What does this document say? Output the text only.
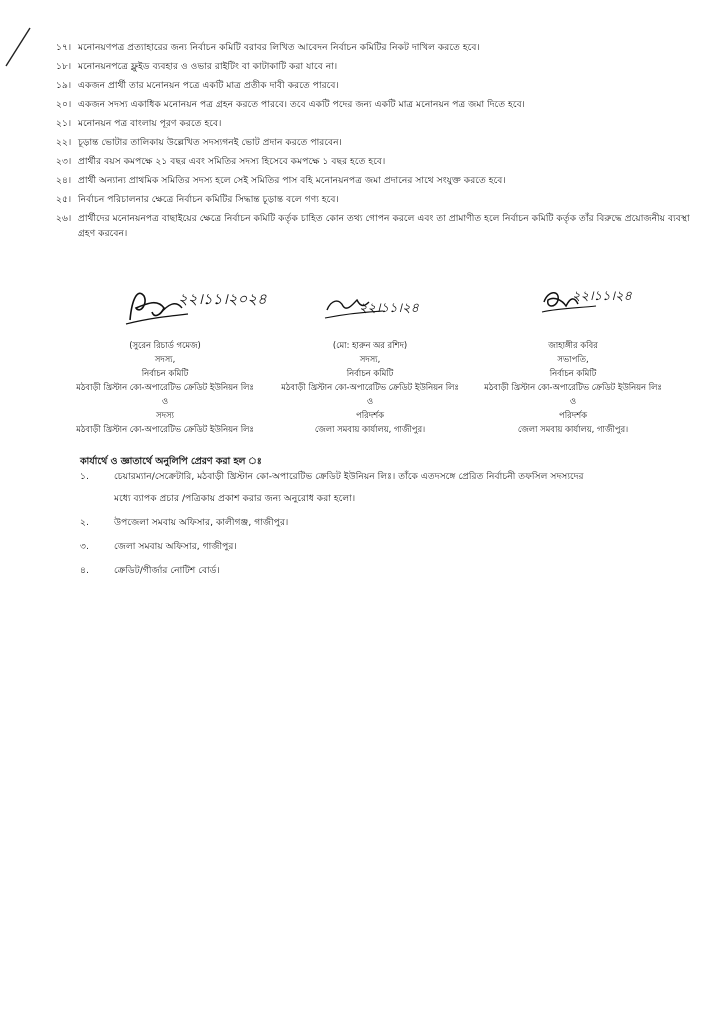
১৭। মনোনয়ণপত্র প্রত্যাহারের জন্য নির্বাচন কমিটি বরাবর লিখিত আবেদন নির্বাচন কমিটির নিকট দাখিল করতে হবে।
১৮। মনোনয়নপত্রে ফ্লুইড ব্যবহার ও ওভার রাইটিং বা কাটাকাটি করা যাবে না।
১৯। একজন প্রার্থী তার মনোনয়ন পত্রে একটি মাত্র প্রতীক দাবী করতে পারবে।
২০। একজন সদস্য একাধিক মনোনয়ন পত্র গ্রহন করতে পারবে। তবে একটি পদের জন্য একটি মাত্র মনোনয়ন পত্র জমা দিতে হবে।
২১। মনোনয়ন পত্র বাংলায় পূরণ করতে হবে।
২২। চূড়ান্ত ভোটার তালিকায় উল্লেখিত সদস্যগনই ভোট প্রদান করতে পারবেন।
২৩। প্রার্থীর বয়স কমপক্ষে ২১ বছর এবং সমিতির সদস্য হিসেবে কমপক্ষে ১ বছর হতে হবে।
২৪। প্রার্থী অন্যান্য প্রাথমিক সমিতির সদস্য হলে সেই সমিতির পাস বহি মনোনয়নপত্র জমা প্রদানের সাথে সংযুক্ত করতে হবে।
২৫। নির্বাচন পরিচালনার ক্ষেত্রে নির্বাচন কমিটির সিদ্ধান্ত চূড়ান্ত বলে গণ্য হবে।
২৬। প্রার্থীদের মনোনয়নপত্র বাছাইয়ের ক্ষেত্রে নির্বাচন কমিটি কর্তৃক চাহিত কোন তথ্য গোপন করলে এবং তা প্রামাণীত হলে নির্বাচন কমিটি কর্তৃক তাঁর বিরুদ্ধে প্রয়োজনীয় ব্যবস্থা গ্রহণ করবেন।
২২।১১।২০২৪
(সুরেন রিচার্ড গমেজ)
সদস্য,
নির্বাচন কমিটি
মঠবাড়ী খ্রিস্টান কো-অপারেটিভ ক্রেডিট ইউনিয়ন লিঃ
ও
সদস্য
মঠবাড়ী খ্রিস্টান কো-অপারেটিভ ক্রেডিট ইউনিয়ন লিঃ
২২।১১।২৪
(মো: হারুন অর রশিদ)
সদস্য,
নির্বাচন কমিটি
মঠবাড়ী খ্রিস্টান কো-অপারেটিভ ক্রেডিট ইউনিয়ন লিঃ
ও
পরিদর্শক
জেলা সমবায় কার্যালয়, গাজীপুর।
২২।১১।২৪
জাহাঙ্গীর কবির
সভাপতি,
নির্বাচন কমিটি
মঠবাড়ী খ্রিস্টান কো-অপারেটিভ ক্রেডিট ইউনিয়ন লিঃ
ও
পরিদর্শক
জেলা সমবায় কার্যালয়, গাজীপুর।
কার্যার্থে ও জ্ঞাতার্থে অনুলিপি প্রেরণ করা হল ঃ
১.	চেয়ারম্যান/সেক্রেটারি, মঠবাড়ী খ্রিস্টান কো-অপারেটিভ ক্রেডিট ইউনিয়ন লিঃ। তাঁকে এতদসঙ্গে প্রেরিত নির্বাচনী তফসিল সদস্যদের
মধ্যে ব্যাপক প্রচার /পত্রিকায় প্রকাশ করার জন্য অনুরোধ করা হলো।
২.	উপজেলা সমবায় অফিসার, কালীগঞ্জ, গাজীপুর।
৩.	জেলা সমবায় অফিসার, গাজীপুর।
৪.	ক্রেডিট/গীর্জার নোটিশ বোর্ড।
